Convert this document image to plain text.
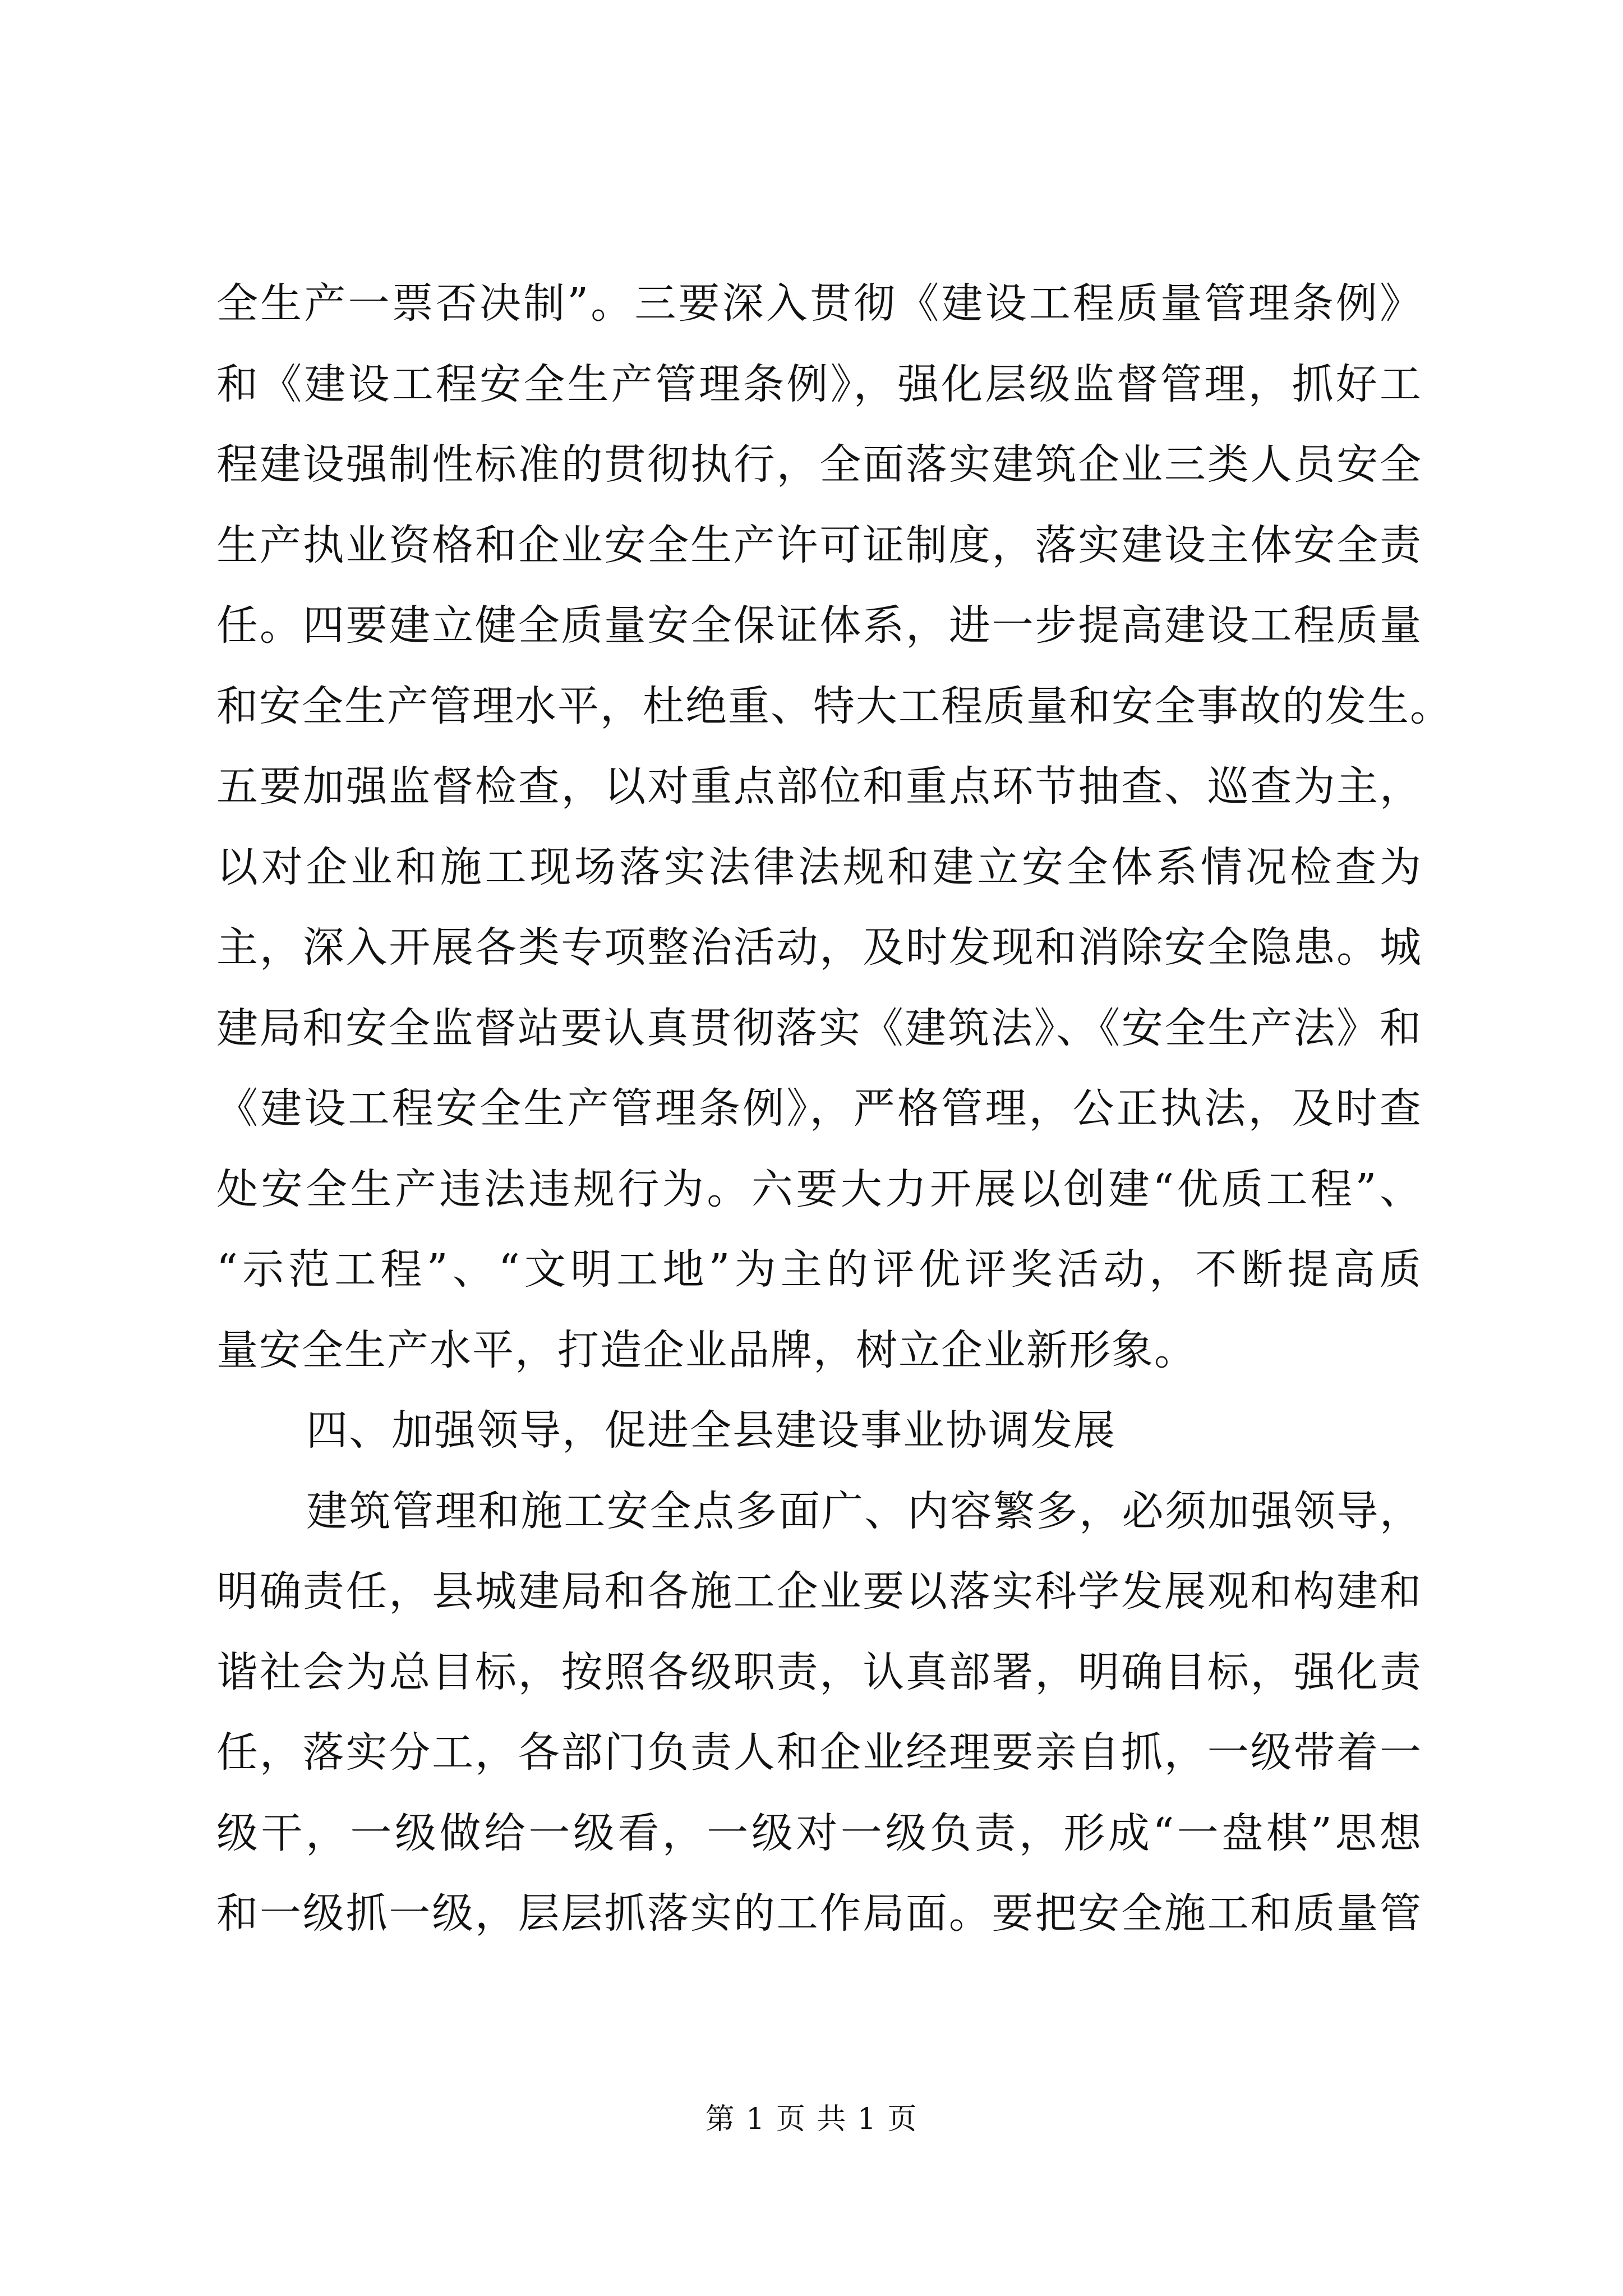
全生产一票否决制”。三要深入贯彻《建设工程质量管理条例》
和《建设工程安全生产管理条例》，强化层级监督管理，抓好工
程建设强制性标准的贯彻执行，全面落实建筑企业三类人员安全
生产执业资格和企业安全生产许可证制度，落实建设主体安全责
任。四要建立健全质量安全保证体系，进一步提高建设工程质量
和安全生产管理水平，杜绝重、特大工程质量和安全事故的发生。
五要加强监督检查，以对重点部位和重点环节抽查、巡查为主，
以对企业和施工现场落实法律法规和建立安全体系情况检查为
主，深入开展各类专项整治活动，及时发现和消除安全隐患。城
建局和安全监督站要认真贯彻落实《建筑法》、《安全生产法》和
《建设工程安全生产管理条例》，严格管理，公正执法，及时查
处安全生产违法违规行为。六要大力开展以创建“优质工程”、
“示范工程”、“文明工地”为主的评优评奖活动，不断提高质
量安全生产水平，打造企业品牌，树立企业新形象。
四、加强领导，促进全县建设事业协调发展
建筑管理和施工安全点多面广、内容繁多，必须加强领导，
明确责任，县城建局和各施工企业要以落实科学发展观和构建和
谐社会为总目标，按照各级职责，认真部署，明确目标，强化责
任，落实分工，各部门负责人和企业经理要亲自抓，一级带着一
级干，一级做给一级看，一级对一级负责，形成“一盘棋”思想
和一级抓一级，层层抓落实的工作局面。要把安全施工和质量管
第 1 页 共 1 页
